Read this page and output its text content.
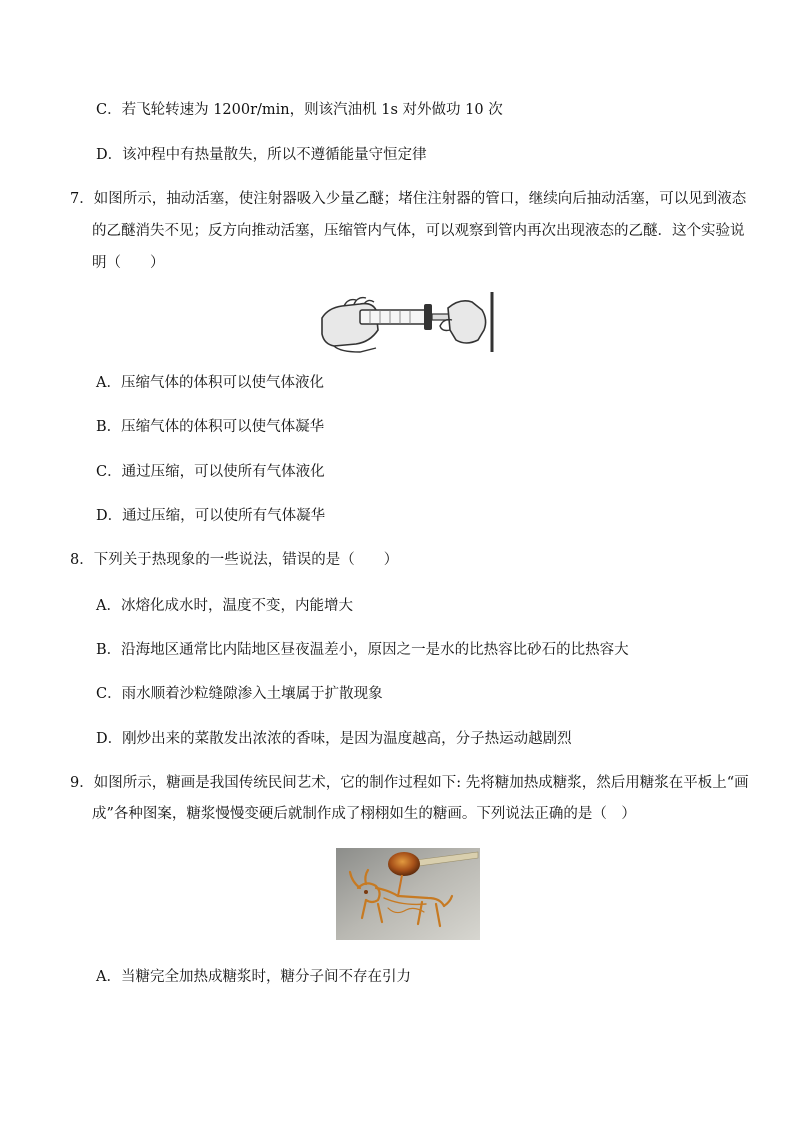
C．若飞轮转速为 1200r/min，则该汽油机 1s 对外做功 10 次
D．该冲程中有热量散失，所以不遵循能量守恒定律
7．如图所示，抽动活塞，使注射器吸入少量乙醚；堵住注射器的管口，继续向后抽动活塞，可以见到液态
的乙醚消失不见；反方向推动活塞，压缩管内气体，可以观察到管内再次出现液态的乙醚．这个实验说
明（　　）
A．压缩气体的体积可以使气体液化
B．压缩气体的体积可以使气体凝华
C．通过压缩，可以使所有气体液化
D．通过压缩，可以使所有气体凝华
8．下列关于热现象的一些说法，错误的是（　　）
A．冰熔化成水时，温度不变，内能增大
B．沿海地区通常比内陆地区昼夜温差小，原因之一是水的比热容比砂石的比热容大
C．雨水顺着沙粒缝隙渗入土壤属于扩散现象
D．刚炒出来的菜散发出浓浓的香味，是因为温度越高，分子热运动越剧烈
9．如图所示，糖画是我国传统民间艺术，它的制作过程如下: 先将糖加热成糖浆，然后用糖浆在平板上“画
成”各种图案，糖浆慢慢变硬后就制作成了栩栩如生的糖画。下列说法正确的是（　）
A．当糖完全加热成糖浆时，糖分子间不存在引力
